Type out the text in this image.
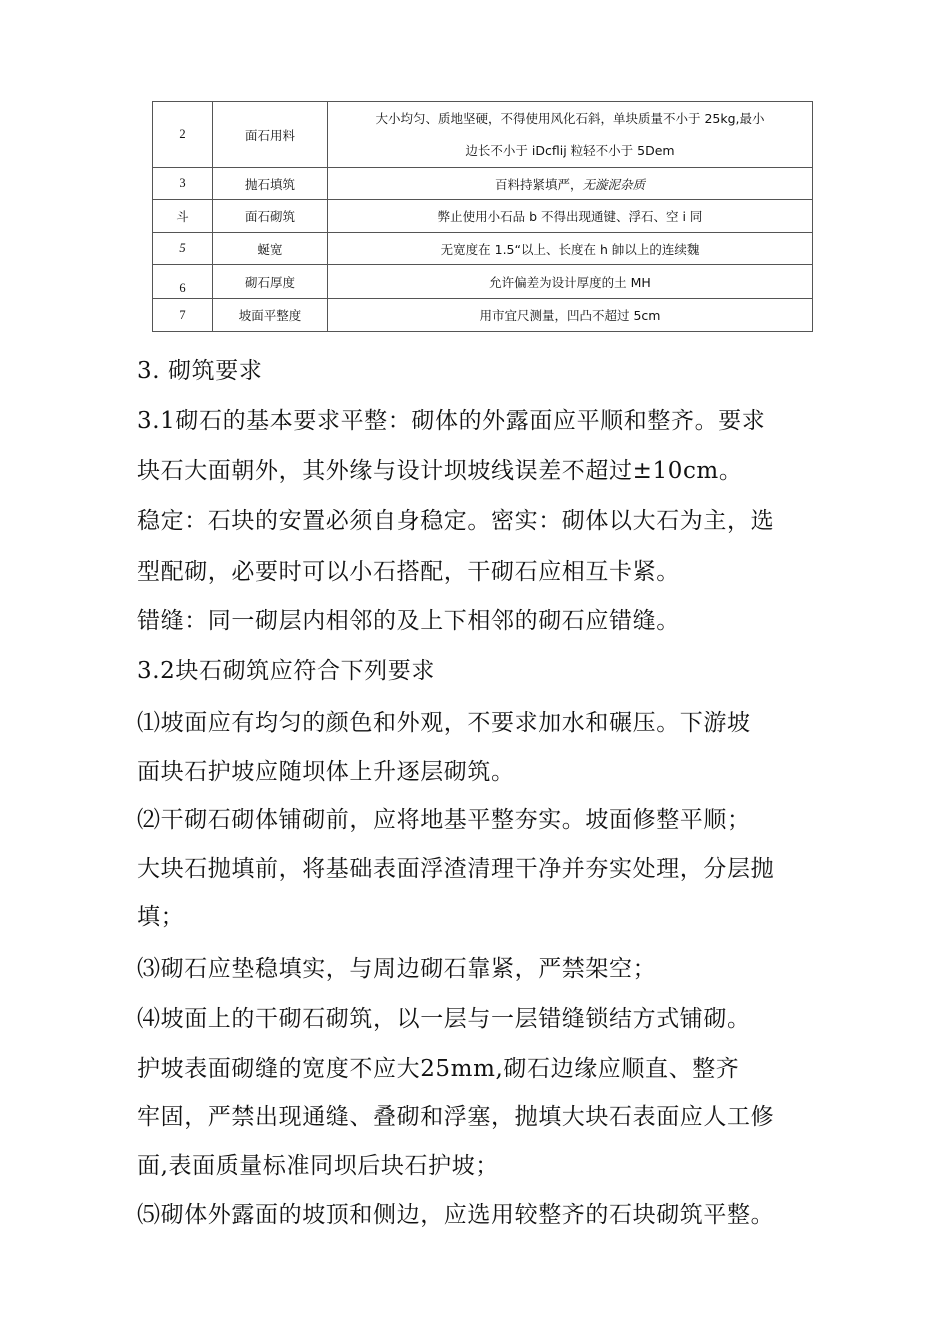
2	面石用料	大小均匀、质地坚硬，不得使用风化石斜，单块质量不小于 25kg,最小
边长不小于 iDcflij 粒轻不小于 5Dem

3	抛石填筑	百料持紧填严，无漩泥杂质
斗	面石砌筑	弊止使用小石品 b 不得出现通键、浮石、空 i 同
5	蜒宽	无宽度在 1.5“以上、长度在 h 帥以上的连续魏
6	砌石厚度	允许偏差为设计厚度的土 MH
7	坡面平整度	用市宜尺测量，凹凸不超过 5cm
3. 砌筑要求
3.1砌石的基本要求平整：砌体的外露面应平顺和整齐。要求
块石大面朝外，其外缘与设计坝坡线误差不超过±10cm。
稳定：石块的安置必须自身稳定。密实：砌体以大石为主，选
型配砌，必要时可以小石搭配，干砌石应相互卡紧。
错缝：同一砌层内相邻的及上下相邻的砌石应错缝。
3.2块石砌筑应符合下列要求
⑴坡面应有均匀的颜色和外观，不要求加水和碾压。下游坡
面块石护坡应随坝体上升逐层砌筑。
⑵干砌石砌体铺砌前，应将地基平整夯实。坡面修整平顺；
大块石抛填前，将基础表面浮渣清理干净并夯实处理，分层抛
填；
⑶砌石应垫稳填实，与周边砌石靠紧，严禁架空；
⑷坡面上的干砌石砌筑，以一层与一层错缝锁结方式铺砌。
护坡表面砌缝的宽度不应大25mm,砌石边缘应顺直、整齐
牢固，严禁出现通缝、叠砌和浮塞，抛填大块石表面应人工修
面,表面质量标准同坝后块石护坡；
⑸砌体外露面的坡顶和侧边，应选用较整齐的石块砌筑平整。
